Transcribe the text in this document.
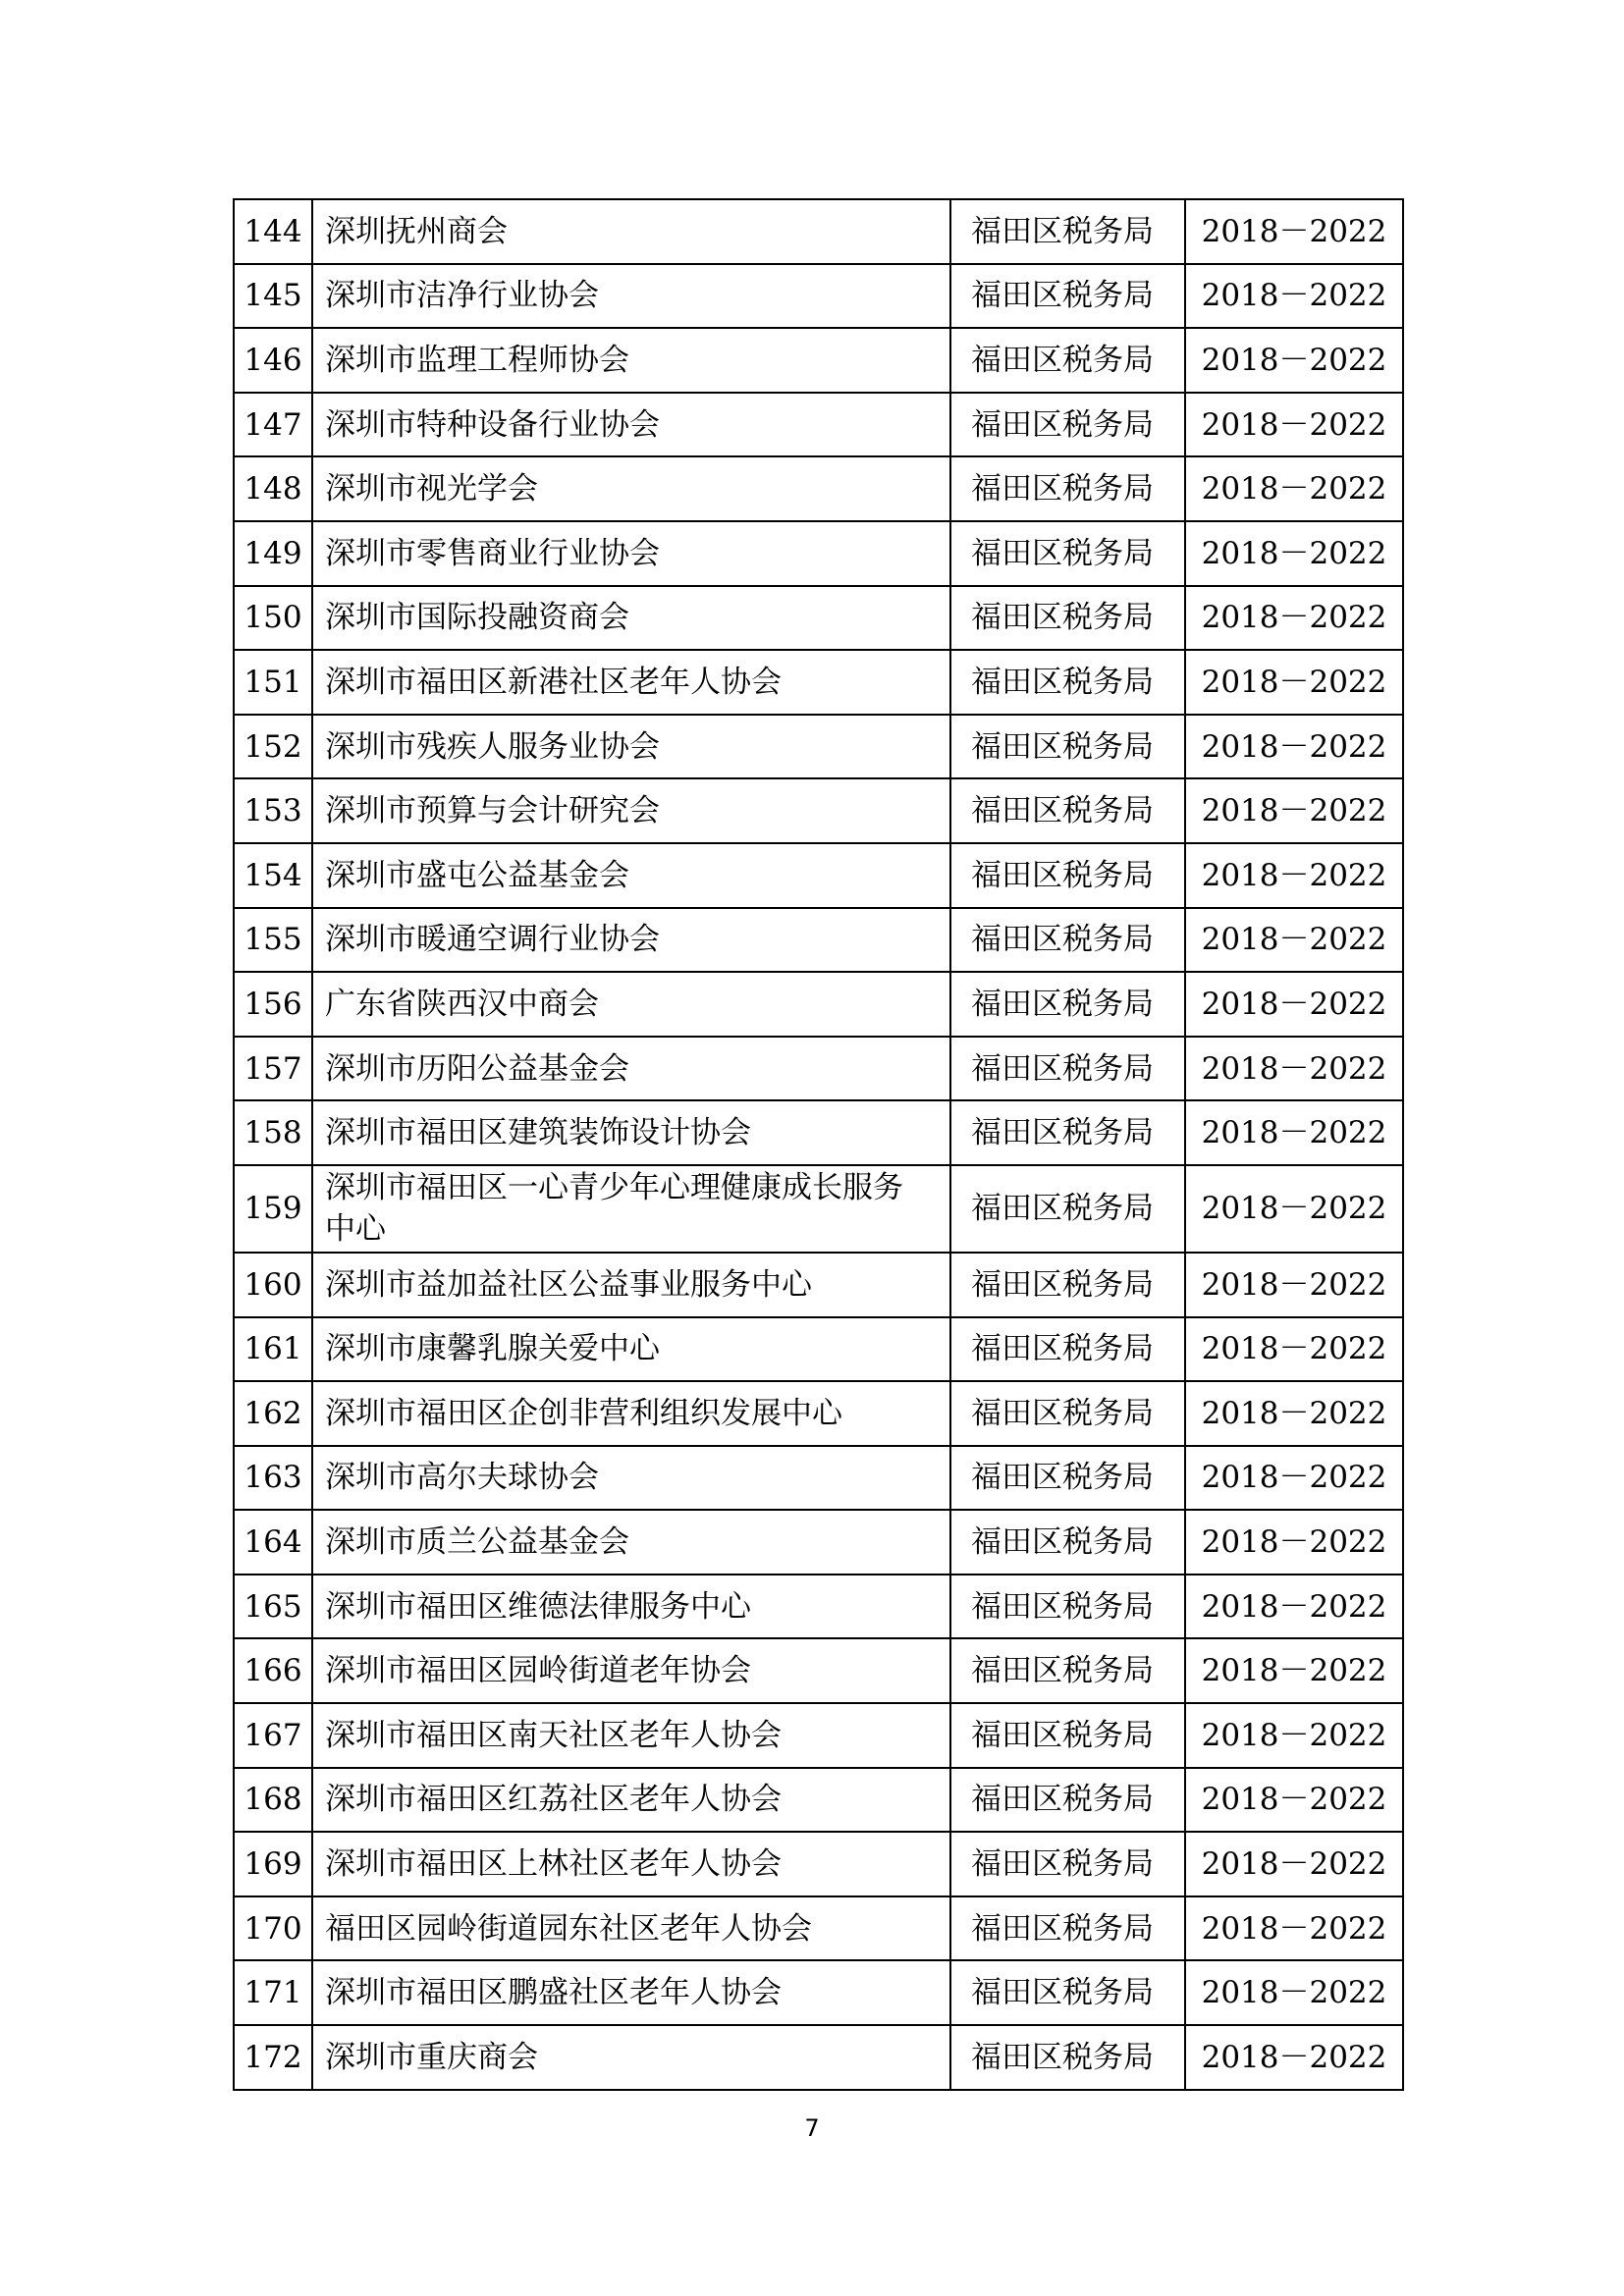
144	深圳抚州商会	福田区税务局	2018－2022
145	深圳市洁净行业协会	福田区税务局	2018－2022
146	深圳市监理工程师协会	福田区税务局	2018－2022
147	深圳市特种设备行业协会	福田区税务局	2018－2022
148	深圳市视光学会	福田区税务局	2018－2022
149	深圳市零售商业行业协会	福田区税务局	2018－2022
150	深圳市国际投融资商会	福田区税务局	2018－2022
151	深圳市福田区新港社区老年人协会	福田区税务局	2018－2022
152	深圳市残疾人服务业协会	福田区税务局	2018－2022
153	深圳市预算与会计研究会	福田区税务局	2018－2022
154	深圳市盛屯公益基金会	福田区税务局	2018－2022
155	深圳市暖通空调行业协会	福田区税务局	2018－2022
156	广东省陕西汉中商会	福田区税务局	2018－2022
157	深圳市历阳公益基金会	福田区税务局	2018－2022
158	深圳市福田区建筑装饰设计协会	福田区税务局	2018－2022
159	深圳市福田区一心青少年心理健康成长服务中心	福田区税务局	2018－2022
160	深圳市益加益社区公益事业服务中心	福田区税务局	2018－2022
161	深圳市康馨乳腺关爱中心	福田区税务局	2018－2022
162	深圳市福田区企创非营利组织发展中心	福田区税务局	2018－2022
163	深圳市高尔夫球协会	福田区税务局	2018－2022
164	深圳市质兰公益基金会	福田区税务局	2018－2022
165	深圳市福田区维德法律服务中心	福田区税务局	2018－2022
166	深圳市福田区园岭街道老年协会	福田区税务局	2018－2022
167	深圳市福田区南天社区老年人协会	福田区税务局	2018－2022
168	深圳市福田区红荔社区老年人协会	福田区税务局	2018－2022
169	深圳市福田区上林社区老年人协会	福田区税务局	2018－2022
170	福田区园岭街道园东社区老年人协会	福田区税务局	2018－2022
171	深圳市福田区鹏盛社区老年人协会	福田区税务局	2018－2022
172	深圳市重庆商会	福田区税务局	2018－2022
7
